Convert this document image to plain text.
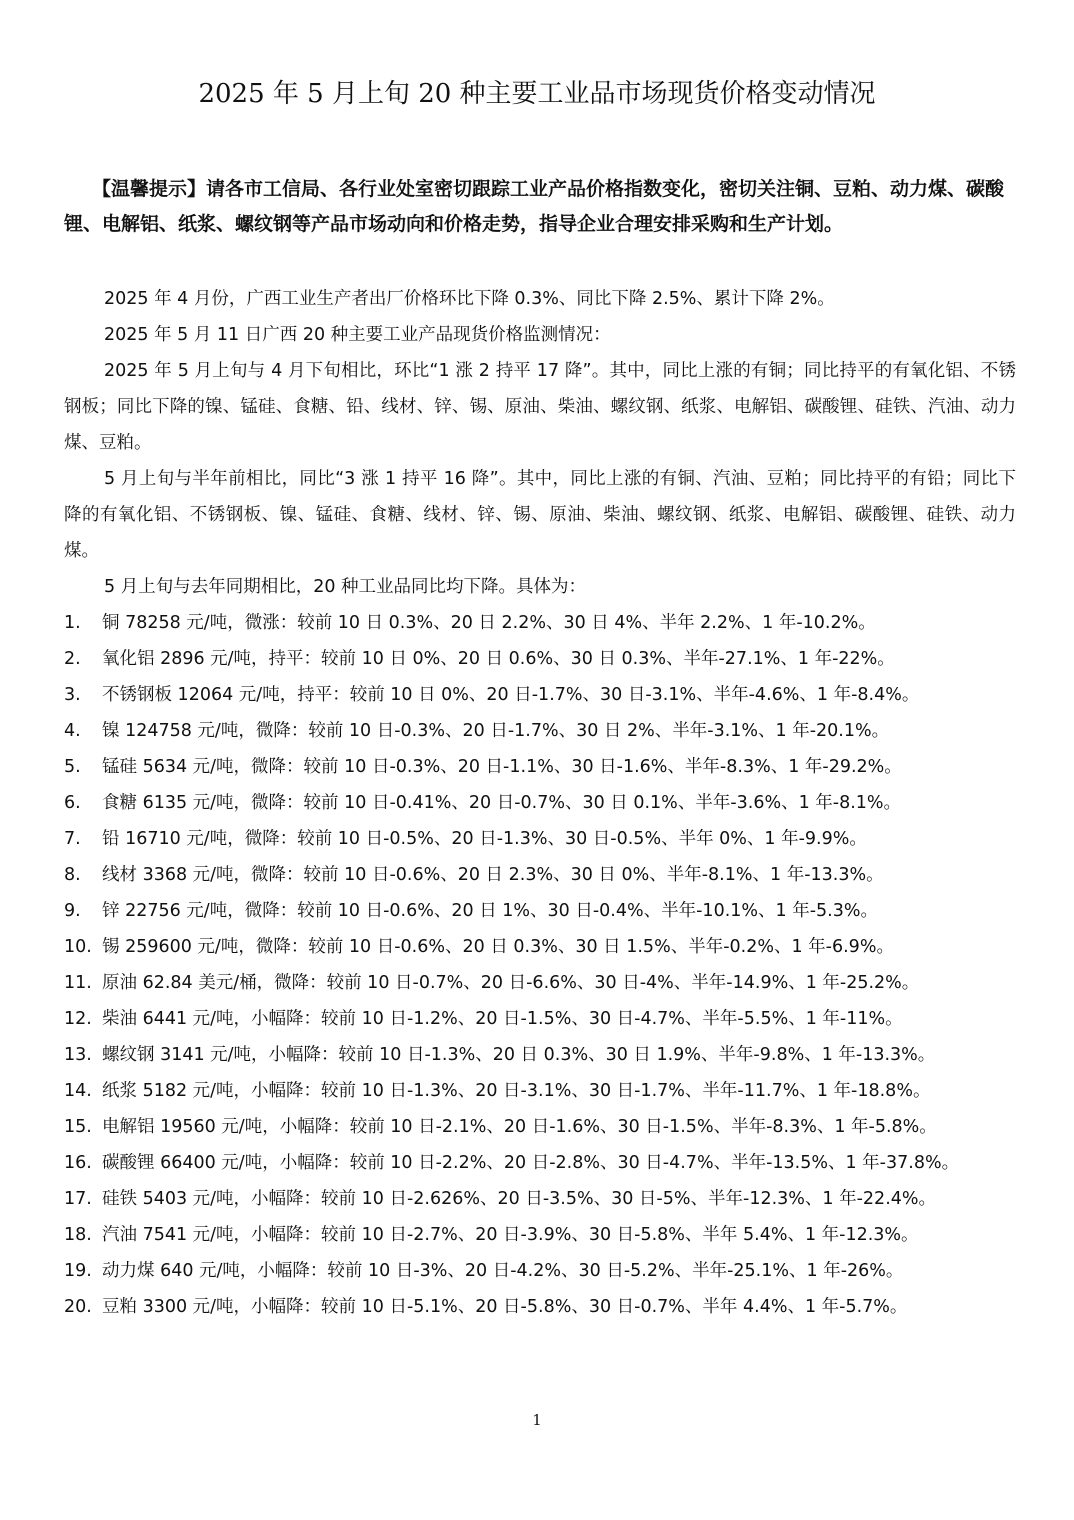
2025 年 5 月上旬 20 种主要工业品市场现货价格变动情况

【温馨提示】请各市工信局、各行业处室密切跟踪工业产品价格指数变化，密切关注铜、豆粕、动力煤、碳酸锂、电解铝、纸浆、螺纹钢等产品市场动向和价格走势，指导企业合理安排采购和生产计划。

2025 年 4 月份，广西工业生产者出厂价格环比下降 0.3%、同比下降 2.5%、累计下降 2%。

2025 年 5 月 11 日广西 20 种主要工业产品现货价格监测情况：

2025 年 5 月上旬与 4 月下旬相比，环比“1 涨 2 持平 17 降”。其中，同比上涨的有铜；同比持平的有氧化铝、不锈钢板；同比下降的镍、锰硅、食糖、铅、线材、锌、锡、原油、柴油、螺纹钢、纸浆、电解铝、碳酸锂、硅铁、汽油、动力煤、豆粕。

5 月上旬与半年前相比，同比“3 涨 1 持平 16 降”。其中，同比上涨的有铜、汽油、豆粕；同比持平的有铅；同比下降的有氧化铝、不锈钢板、镍、锰硅、食糖、线材、锌、锡、原油、柴油、螺纹钢、纸浆、电解铝、碳酸锂、硅铁、动力煤。

5 月上旬与去年同期相比，20 种工业品同比均下降。具体为：

1.	铜 78258 元/吨，微涨：较前 10 日 0.3%、20 日 2.2%、30 日 4%、半年 2.2%、1 年-10.2%。
2.	氧化铝 2896 元/吨，持平：较前 10 日 0%、20 日 0.6%、30 日 0.3%、半年-27.1%、1 年-22%。
3.	不锈钢板 12064 元/吨，持平：较前 10 日 0%、20 日-1.7%、30 日-3.1%、半年-4.6%、1 年-8.4%。
4.	镍 124758 元/吨，微降：较前 10 日-0.3%、20 日-1.7%、30 日 2%、半年-3.1%、1 年-20.1%。
5.	锰硅 5634 元/吨，微降：较前 10 日-0.3%、20 日-1.1%、30 日-1.6%、半年-8.3%、1 年-29.2%。
6.	食糖 6135 元/吨，微降：较前 10 日-0.41%、20 日-0.7%、30 日 0.1%、半年-3.6%、1 年-8.1%。
7.	铅 16710 元/吨，微降：较前 10 日-0.5%、20 日-1.3%、30 日-0.5%、半年 0%、1 年-9.9%。
8.	线材 3368 元/吨，微降：较前 10 日-0.6%、20 日 2.3%、30 日 0%、半年-8.1%、1 年-13.3%。
9.	锌 22756 元/吨，微降：较前 10 日-0.6%、20 日 1%、30 日-0.4%、半年-10.1%、1 年-5.3%。
10. 锡 259600 元/吨，微降：较前 10 日-0.6%、20 日 0.3%、30 日 1.5%、半年-0.2%、1 年-6.9%。
11. 原油 62.84 美元/桶，微降：较前 10 日-0.7%、20 日-6.6%、30 日-4%、半年-14.9%、1 年-25.2%。
12. 柴油 6441 元/吨，小幅降：较前 10 日-1.2%、20 日-1.5%、30 日-4.7%、半年-5.5%、1 年-11%。
13. 螺纹钢 3141 元/吨，小幅降：较前 10 日-1.3%、20 日 0.3%、30 日 1.9%、半年-9.8%、1 年-13.3%。
14. 纸浆 5182 元/吨，小幅降：较前 10 日-1.3%、20 日-3.1%、30 日-1.7%、半年-11.7%、1 年-18.8%。
15. 电解铝 19560 元/吨，小幅降：较前 10 日-2.1%、20 日-1.6%、30 日-1.5%、半年-8.3%、1 年-5.8%。
16. 碳酸锂 66400 元/吨，小幅降：较前 10 日-2.2%、20 日-2.8%、30 日-4.7%、半年-13.5%、1 年-37.8%。
17. 硅铁 5403 元/吨，小幅降：较前 10 日-2.626%、20 日-3.5%、30 日-5%、半年-12.3%、1 年-22.4%。
18. 汽油 7541 元/吨，小幅降：较前 10 日-2.7%、20 日-3.9%、30 日-5.8%、半年 5.4%、1 年-12.3%。
19. 动力煤 640 元/吨，小幅降：较前 10 日-3%、20 日-4.2%、30 日-5.2%、半年-25.1%、1 年-26%。
20. 豆粕 3300 元/吨，小幅降：较前 10 日-5.1%、20 日-5.8%、30 日-0.7%、半年 4.4%、1 年-5.7%。
1
